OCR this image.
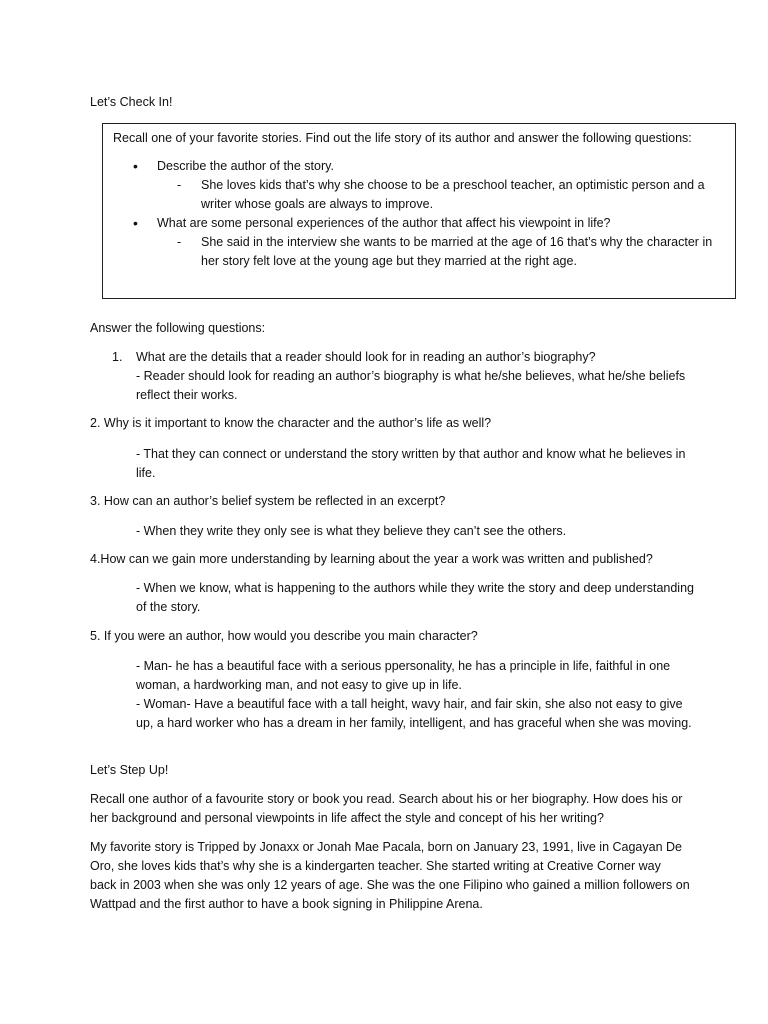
Let’s Check In!
Recall one of your favorite stories. Find out the life story of its author and answer the following questions:
• Describe the author of the story.
- She loves kids that’s why she choose to be a preschool teacher, an optimistic person and a writer whose goals are always to improve.
• What are some personal experiences of the author that affect his viewpoint in life?
- She said in the interview she wants to be married at the age of 16 that’s why the character in her story felt love at the young age but they married at the right age.
Answer the following questions:
1. What are the details that a reader should look for in reading an author’s biography?
- Reader should look for reading an author’s biography is what he/she believes, what he/she beliefs reflect their works.
2. Why is it important to know the character and the author’s life as well?
- That they can connect or understand the story written by that author and know what he believes in life.
3. How can an author’s belief system be reflected in an excerpt?
- When they write they only see is what they believe they can’t see the others.
4.How can we gain more understanding by learning about the year a work was written and published?
- When we know, what is happening to the authors while they write the story and deep understanding of the story.
5. If you were an author, how would you describe you main character?
- Man- he has a beautiful face with a serious ppersonality, he has a principle in life, faithful in one woman, a hardworking man, and not easy to give up in life.
- Woman- Have a beautiful face with a tall height, wavy hair, and fair skin, she also not easy to give up, a hard worker who has a dream in her family, intelligent, and has graceful when she was moving.
Let’s Step Up!
Recall one author of a favourite story or book you read. Search about his or her biography. How does his or her background and personal viewpoints in life affect the style and concept of his her writing?
My favorite story is Tripped by Jonaxx or Jonah Mae Pacala, born on January 23, 1991, live in Cagayan De Oro, she loves kids that’s why she is a kindergarten teacher. She started writing at Creative Corner way back in 2003 when she was only 12 years of age. She was the one Filipino who gained a million followers on Wattpad and the first author to have a book signing in Philippine Arena.
